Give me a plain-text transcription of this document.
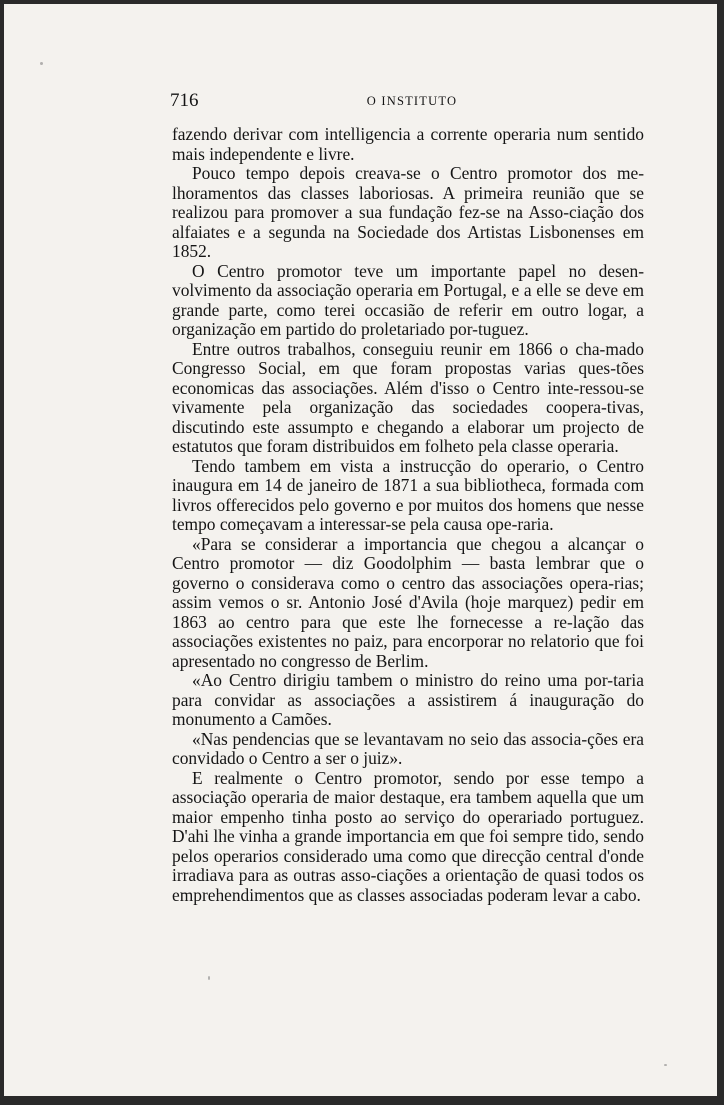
716	O INSTITUTO

fazendo derivar com intelligencia a corrente operaria num sentido mais independente e livre.

Pouco tempo depois creava-se o Centro promotor dos me-lhoramentos das classes laboriosas. A primeira reunião que se realizou para promover a sua fundação fez-se na Asso-ciação dos alfaiates e a segunda na Sociedade dos Artistas Lisbonenses em 1852.

O Centro promotor teve um importante papel no desen-volvimento da associação operaria em Portugal, e a elle se deve em grande parte, como terei occasião de referir em outro logar, a organização em partido do proletariado por-tuguez.

Entre outros trabalhos, conseguiu reunir em 1866 o cha-mado Congresso Social, em que foram propostas varias ques-tões economicas das associações. Além d'isso o Centro inte-ressou-se vivamente pela organização das sociedades coopera-tivas, discutindo este assumpto e chegando a elaborar um projecto de estatutos que foram distribuidos em folheto pela classe operaria.

Tendo tambem em vista a instrucção do operario, o Centro inaugura em 14 de janeiro de 1871 a sua bibliotheca, formada com livros offerecidos pelo governo e por muitos dos homens que nesse tempo começavam a interessar-se pela causa ope-raria.

«Para se considerar a importancia que chegou a alcançar o Centro promotor — diz Goodolphim — basta lembrar que o governo o considerava como o centro das associações opera-rias; assim vemos o sr. Antonio José d'Avila (hoje marquez) pedir em 1863 ao centro para que este lhe fornecesse a re-lação das associações existentes no paiz, para encorporar no relatorio que foi apresentado no congresso de Berlim.

«Ao Centro dirigiu tambem o ministro do reino uma por-taria para convidar as associações a assistirem á inauguração do monumento a Camões.

«Nas pendencias que se levantavam no seio das associa-ções era convidado o Centro a ser o juiz».

E realmente o Centro promotor, sendo por esse tempo a associação operaria de maior destaque, era tambem aquella que um maior empenho tinha posto ao serviço do operariado portuguez. D'ahi lhe vinha a grande importancia em que foi sempre tido, sendo pelos operarios considerado uma como que direcção central d'onde irradiava para as outras asso-ciações a orientação de quasi todos os emprehendimentos que as classes associadas poderam levar a cabo.
